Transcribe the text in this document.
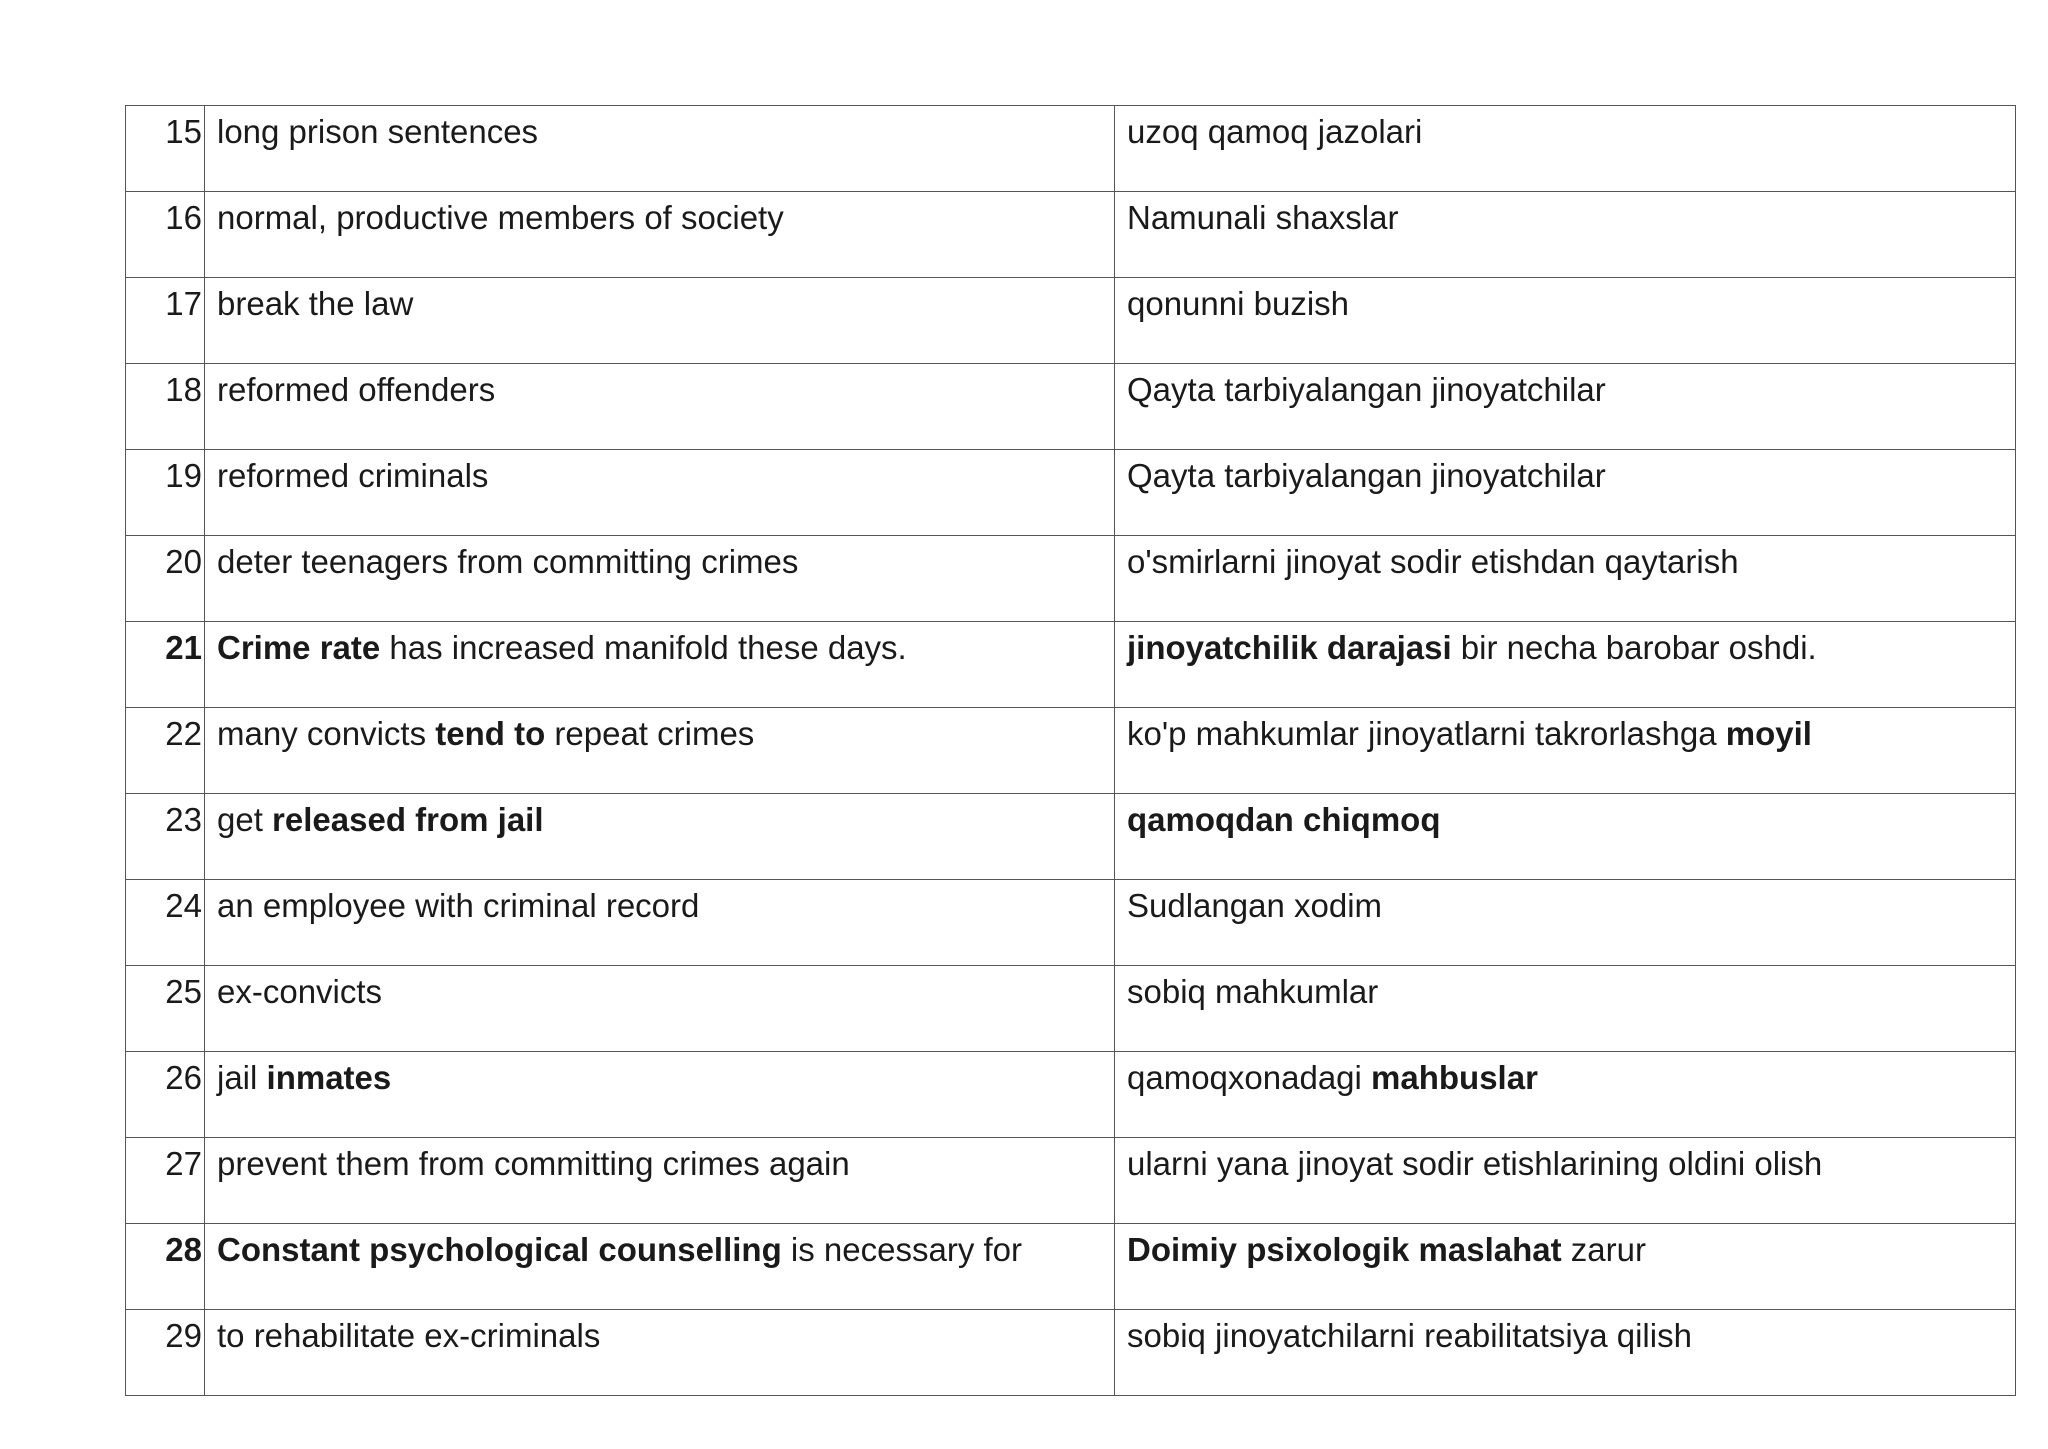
15	long prison sentences	uzoq qamoq jazolari
16	normal, productive members of society	Namunali shaxslar
17	break the law	qonunni buzish
18	reformed offenders	Qayta tarbiyalangan jinoyatchilar
19	reformed criminals	Qayta tarbiyalangan jinoyatchilar
20	deter teenagers from committing crimes	o'smirlarni jinoyat sodir etishdan qaytarish
21	Crime rate has increased manifold these days.	jinoyatchilik darajasi bir necha barobar oshdi.
22	many convicts tend to repeat crimes	ko'p mahkumlar jinoyatlarni takrorlashga moyil
23	get released from jail	qamoqdan chiqmoq
24	an employee with criminal record	Sudlangan xodim
25	ex-convicts	sobiq mahkumlar
26	jail inmates	qamoqxonadagi mahbuslar
27	prevent them from committing crimes again	ularni yana jinoyat sodir etishlarining oldini olish
28	Constant psychological counselling is necessary for	Doimiy psixologik maslahat zarur
29	to rehabilitate ex-criminals	sobiq jinoyatchilarni reabilitatsiya qilish
